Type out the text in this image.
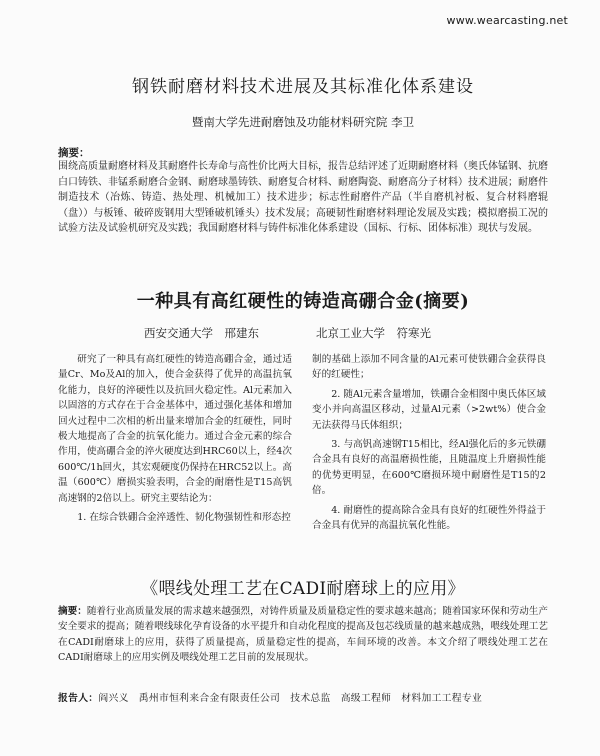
www.wearcasting.net
钢铁耐磨材料技术进展及其标准化体系建设
暨南大学先进耐磨蚀及功能材料研究院 李卫
摘要：
围绕高质量耐磨材料及其耐磨件长寿命与高性价比两大目标，报告总结评述了近期耐磨材料（奥氏体锰钢、抗磨白口铸铁、非锰系耐磨合金钢、耐磨球墨铸铁、耐磨复合材料、耐磨陶瓷、耐磨高分子材料）技术进展；耐磨件制造技术（冶炼、铸造、热处理、机械加工）技术进步；标志性耐磨件产品（半自磨机衬板、复合材料磨辊（盘））与板锤、破碎废钢用大型锤破机锤头）技术发展；高硬韧性耐磨材料理论发展及实践；模拟磨损工况的试验方法及试验机研究及实践；我国耐磨材料与铸件标准化体系建设（国标、行标、团体标准）现状与发展。
一种具有高红硬性的铸造高硼合金(摘要)
西安交通大学　邢建东	北京工业大学　符寒光

研究了一种具有高红硬性的铸造高硼合金，通过适量Cr、Mo及Al的加入，使合金获得了优异的高温抗氧化能力，良好的淬硬性以及抗回火稳定性。Al元素加入以固溶的方式存在于合金基体中，通过强化基体和增加回火过程中二次相的析出量来增加合金的红硬性，同时极大地提高了合金的抗氧化能力。通过合金元素的综合作用，使高硼合金的淬火硬度达到HRC60以上，经4次600℃/1h回火，其宏观硬度仍保持在HRC52以上。高温（600℃）磨损实验表明，合金的耐磨性是T15高钒高速钢的2倍以上。研究主要结论为：

1. 在综合铁硼合金淬透性、韧化物强韧性和形态控

制的基础上添加不同含量的Al元素可使铁硼合金获得良好的红硬性；

2. 随Al元素含量增加，铁硼合金相图中奥氏体区域变小并向高温区移动，过量Al元素（>2wt%）使合金无法获得马氏体组织；

3. 与高钒高速钢T15相比，经Al强化后的多元铁硼合金具有良好的高温磨损性能，且随温度上升磨损性能的优势更明显，在600℃磨损环境中耐磨性是T15的2倍。

4. 耐磨性的提高除合金具有良好的红硬性外得益于合金具有优异的高温抗氧化性能。

《喂线处理工艺在CADI耐磨球上的应用》
摘要：随着行业高质量发展的需求越来越强烈，对铸件质量及质量稳定性的要求越来越高；随着国家环保和劳动生产安全要求的提高；随着喂线球化孕育设备的水平提升和自动化程度的提高及包芯线质量的越来越成熟，喂线处理工艺在CADI耐磨球上的应用，获得了质量提高，质量稳定性的提高，车间环境的改善。本文介绍了喂线处理工艺在CADI耐磨球上的应用实例及喂线处理工艺目前的发展现状。
报告人：阎兴义　禹州市恒利来合金有限责任公司　技术总监　高级工程师　材料加工工程专业
